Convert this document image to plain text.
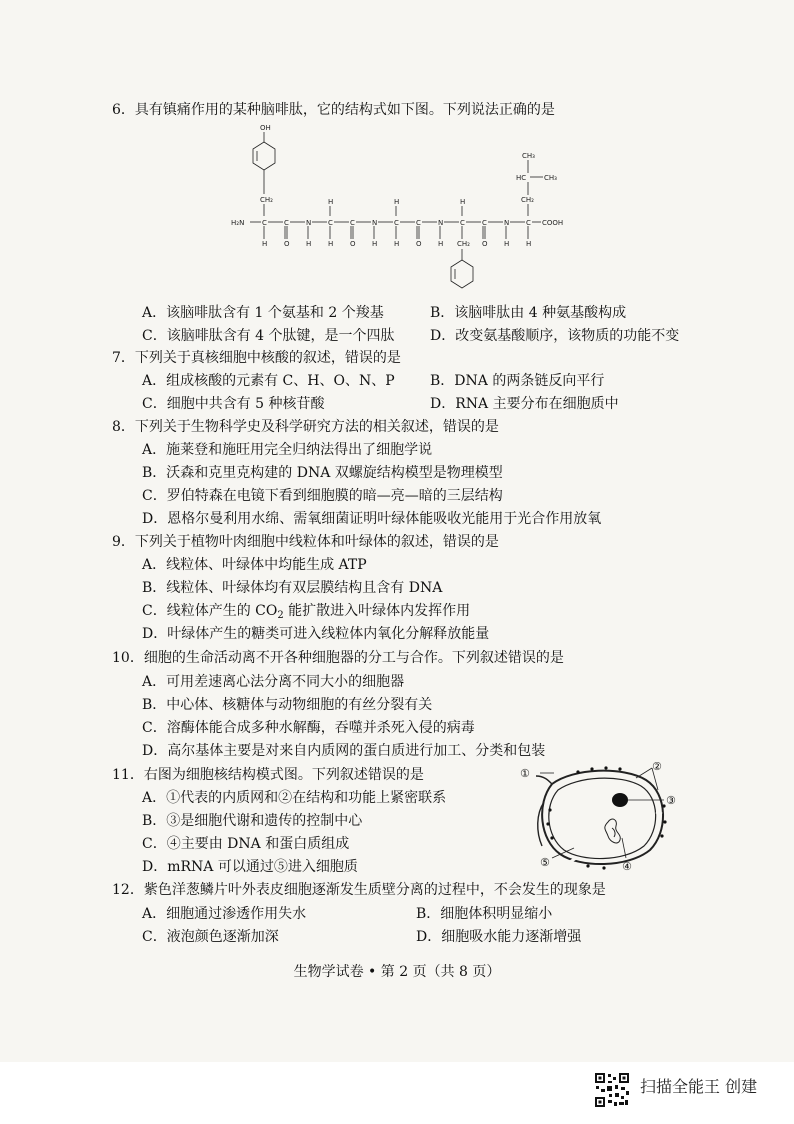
6．具有镇痛作用的某种脑啡肽，它的结构式如下图。下列说法正确的是
H₂N	C C N C C N C C N C C N C COOH
H O H H O H H O H	O H H
H	H	H
OH
CH₂
CH₂
CH₃
HC	CH₃
CH₂
A．该脑啡肽含有 1 个氨基和 2 个羧基	B．该脑啡肽由 4 种氨基酸构成
C．该脑啡肽含有 4 个肽键，是一个四肽	D．改变氨基酸顺序，该物质的功能不变
7．下列关于真核细胞中核酸的叙述，错误的是
A．组成核酸的元素有 C、H、O、N、P	B．DNA 的两条链反向平行
C．细胞中共含有 5 种核苷酸	D．RNA 主要分布在细胞质中
8．下列关于生物科学史及科学研究方法的相关叙述，错误的是
A．施莱登和施旺用完全归纳法得出了细胞学说
B．沃森和克里克构建的 DNA 双螺旋结构模型是物理模型
C．罗伯特森在电镜下看到细胞膜的暗—亮—暗的三层结构
D．恩格尔曼利用水绵、需氧细菌证明叶绿体能吸收光能用于光合作用放氧
9．下列关于植物叶肉细胞中线粒体和叶绿体的叙述，错误的是
A．线粒体、叶绿体中均能生成 ATP
B．线粒体、叶绿体均有双层膜结构且含有 DNA
C．线粒体产生的 $CO_2$ 能扩散进入叶绿体内发挥作用
D．叶绿体产生的糖类可进入线粒体内氧化分解释放能量
10．细胞的生命活动离不开各种细胞器的分工与合作。下列叙述错误的是
A．可用差速离心法分离不同大小的细胞器
B．中心体、核糖体与动物细胞的有丝分裂有关
C．溶酶体能合成多种水解酶，吞噬并杀死入侵的病毒
D．高尔基体主要是对来自内质网的蛋白质进行加工、分类和包装
11．右图为细胞核结构模式图。下列叙述错误的是
A．①代表的内质网和②在结构和功能上紧密联系
B．③是细胞代谢和遗传的控制中心
C．④主要由 DNA 和蛋白质组成
D．mRNA 可以通过⑤进入细胞质
①
②
③
④
⑤
12．紫色洋葱鳞片叶外表皮细胞逐渐发生质壁分离的过程中，不会发生的现象是
A．细胞通过渗透作用失水	B．细胞体积明显缩小
C．液泡颜色逐渐加深	D．细胞吸水能力逐渐增强
生物学试卷 • 第 2 页（共 8 页）
扫描全能王 创建
